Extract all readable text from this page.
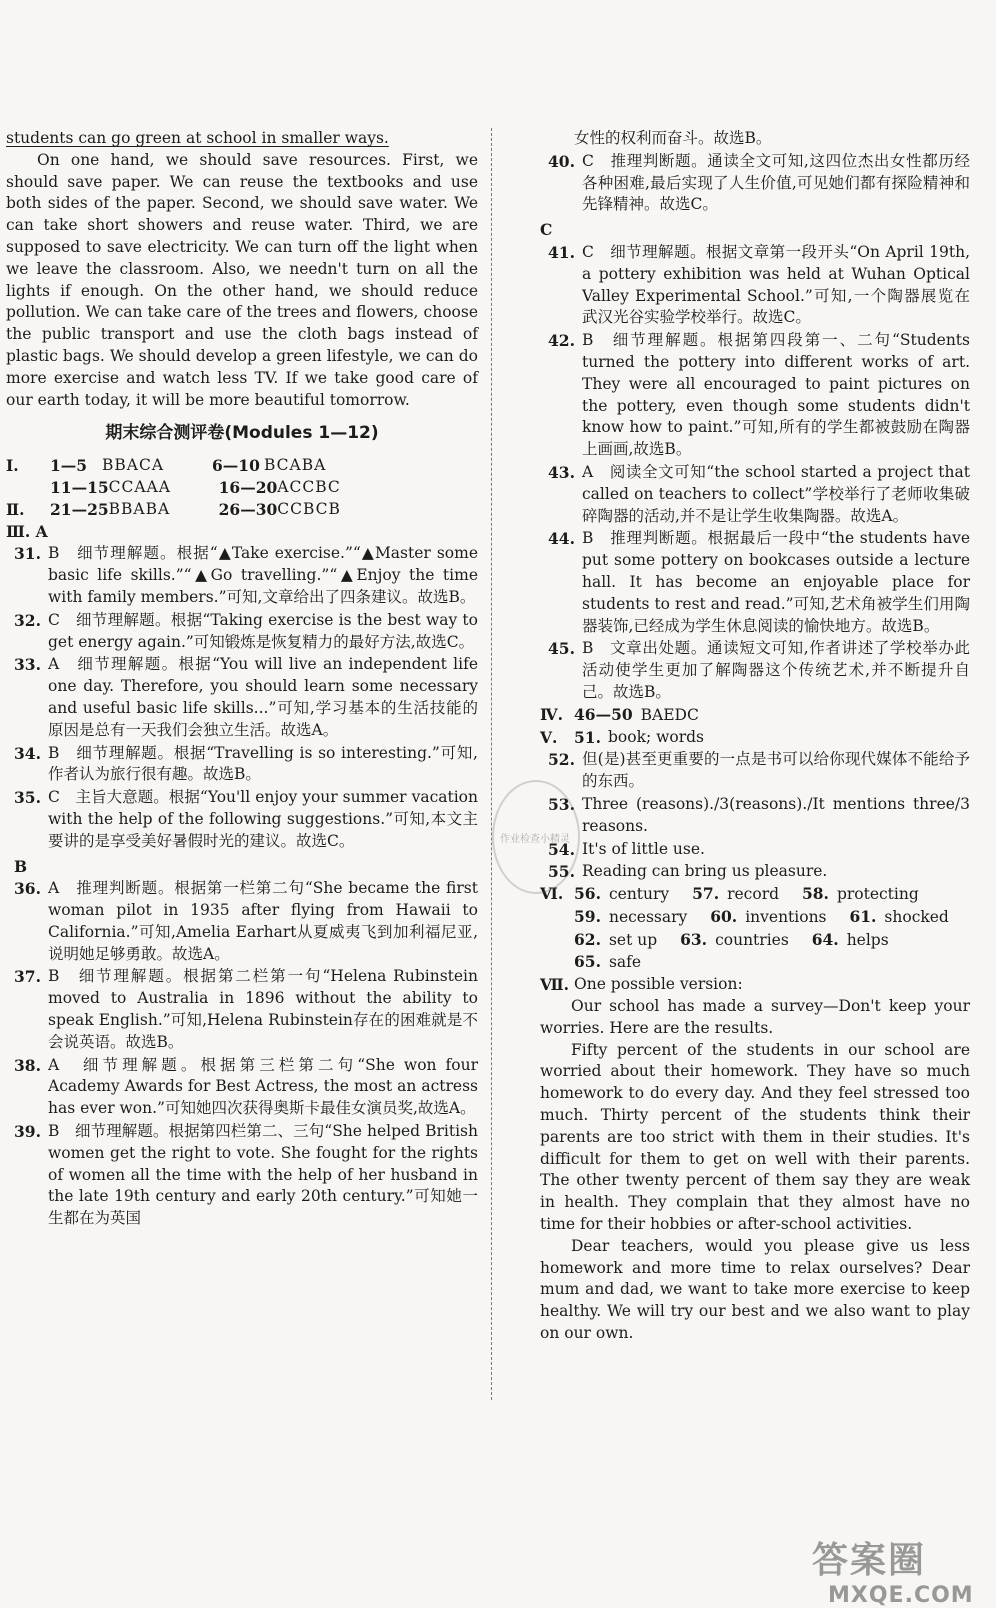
students can go green at school in smaller ways.

On one hand, we should save resources. First, we should save paper. We can reuse the textbooks and use both sides of the paper. Second, we should save water. We can take short showers and reuse water. Third, we are supposed to save electricity. We can turn off the light when we leave the classroom. Also, we needn't turn on all the lights if enough. On the other hand, we should reduce pollution. We can take care of the trees and flowers, choose the public transport and use the cloth bags instead of plastic bags. We should develop a green lifestyle, we can do more exercise and watch less TV. If we take good care of our earth today, it will be more beautiful tomorrow.

期末综合测评卷(Modules 1—12)
Ⅰ.	1—5 BBACA	6—10 BCABA
11—15 CCAAA	16—20 ACCBC
Ⅱ.	21—25 BBABA	26—30 CCBCB
Ⅲ. A
31. B　细节理解题。根据“▲Take exercise.”“▲Master some basic life skills.”“▲Go travelling.”“▲Enjoy the time with family members.”可知,文章给出了四条建议。故选B。
32. C　细节理解题。根据“Taking exercise is the best way to get energy again.”可知锻炼是恢复精力的最好方法,故选C。
33. A　细节理解题。根据“You will live an independent life one day. Therefore, you should learn some necessary and useful basic life skills...”可知,学习基本的生活技能的原因是总有一天我们会独立生活。故选A。
34. B　细节理解题。根据“Travelling is so interesting.”可知,作者认为旅行很有趣。故选B。
35. C　主旨大意题。根据“You'll enjoy your summer vacation with the help of the following suggestions.”可知,本文主要讲的是享受美好暑假时光的建议。故选C。
B
36. A　推理判断题。根据第一栏第二句“She became the first woman pilot in 1935 after flying from Hawaii to California.”可知,Amelia Earhart从夏威夷飞到加利福尼亚,说明她足够勇敢。故选A。
37. B　细节理解题。根据第二栏第一句“Helena Rubinstein moved to Australia in 1896 without the ability to speak English.”可知,Helena Rubinstein存在的困难就是不会说英语。故选B。
38. A　细节理解题。根据第三栏第二句“She won four Academy Awards for Best Actress, the most an actress has ever won.”可知她四次获得奥斯卡最佳女演员奖,故选A。
39. B　细节理解题。根据第四栏第二、三句“She helped British women get the right to vote. She fought for the rights of women all the time with the help of her husband in the late 19th century and early 20th century.”可知她一生都在为英国

女性的权利而奋斗。故选B。

40. C　推理判断题。通读全文可知,这四位杰出女性都历经各种困难,最后实现了人生价值,可见她们都有探险精神和先锋精神。故选C。
C
41. C　细节理解题。根据文章第一段开头“On April 19th, a pottery exhibition was held at Wuhan Optical Valley Experimental School.”可知,一个陶器展览在武汉光谷实验学校举行。故选C。
42. B　细节理解题。根据第四段第一、二句“Students turned the pottery into different works of art. They were all encouraged to paint pictures on the pottery, even though some students didn't know how to paint.”可知,所有的学生都被鼓励在陶器上画画,故选B。
43. A　阅读全文可知“the school started a project that called on teachers to collect”学校举行了老师收集破碎陶器的活动,并不是让学生收集陶器。故选A。
44. B　推理判断题。根据最后一段中“the students have put some pottery on bookcases outside a lecture hall. It has become an enjoyable place for students to rest and read.”可知,艺术角被学生们用陶器装饰,已经成为学生休息阅读的愉快地方。故选B。
45. B　文章出处题。通读短文可知,作者讲述了学校举办此活动使学生更加了解陶器这个传统艺术,并不断提升自己。故选B。
Ⅳ. 46—50 BAEDC
Ⅴ.	51. book; words
52. 但(是)甚至更重要的一点是书可以给你现代媒体不能给予的东西。
53. Three (reasons)./3(reasons)./It mentions three/3 reasons.
54. It's of little use.
55. Reading can bring us pleasure.
Ⅵ. 56. century 57. record 58. protecting
59. necessary 60. inventions 61. shocked
62. set up 63. countries 64. helps 65. safe
Ⅶ. One possible version:

Our school has made a survey—Don't keep your worries. Here are the results.

Fifty percent of the students in our school are worried about their homework. They have so much homework to do every day. And they feel stressed too much. Thirty percent of the students think their parents are too strict with them in their studies. It's difficult for them to get on well with their parents. The other twenty percent of them say they are weak in health. They complain that they almost have no time for their hobbies or after-school activities.

Dear teachers, would you please give us less homework and more time to relax ourselves? Dear mum and dad, we want to take more exercise to keep healthy. We will try our best and we also want to play on our own.

作业检查小精灵
答案圈
MXQE.COM
